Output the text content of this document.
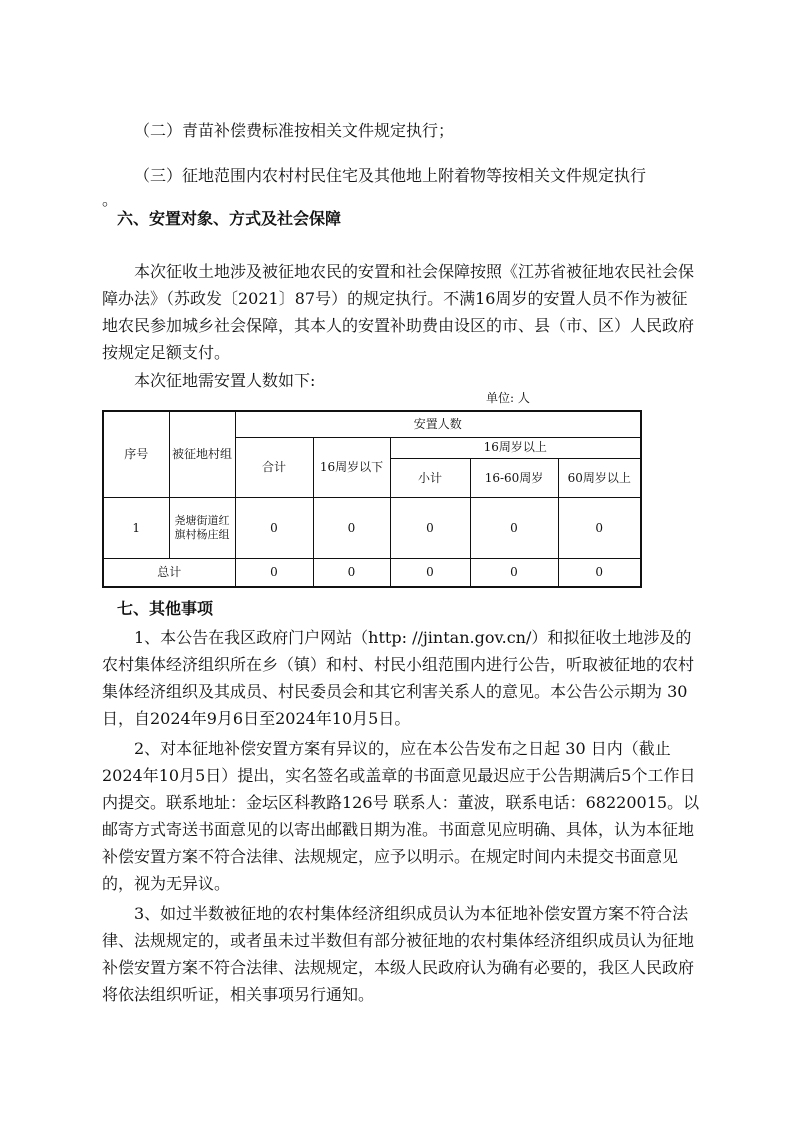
（二）青苗补偿费标准按相关文件规定执行；

（三）征地范围内农村村民住宅及其他地上附着物等按相关文件规定执行

。

六、安置对象、方式及社会保障

本次征收土地涉及被征地农民的安置和社会保障按照《江苏省被征地农民社会保障办法》（苏政发〔2021〕87号）的规定执行。不满16周岁的安置人员不作为被征地农民参加城乡社会保障，其本人的安置补助费由设区的市、县（市、区）人民政府按规定足额支付。

本次征地需安置人数如下:

单位: 人
序号	被征地村组	安置人数				
		合计	16周岁以下	16周岁以上		
				小计	16-60周岁	60周岁以上
1	尧塘街道红旗村杨庄组	0	0	0	0	0
总计		0	0	0	0	0
七、其他事项

1、本公告在我区政府门户网站（http: //jintan.gov.cn/）和拟征收土地涉及的农村集体经济组织所在乡（镇）和村、村民小组范围内进行公告，听取被征地的农村集体经济组织及其成员、村民委员会和其它利害关系人的意见。本公告公示期为 30 日，自2024年9月6日至2024年10月5日。

2、对本征地补偿安置方案有异议的，应在本公告发布之日起 30 日内（截止2024年10月5日）提出，实名签名或盖章的书面意见最迟应于公告期满后5个工作日内提交。联系地址：金坛区科教路126号 联系人：董波，联系电话：68220015。以邮寄方式寄送书面意见的以寄出邮戳日期为准。书面意见应明确、具体，认为本征地补偿安置方案不符合法律、法规规定，应予以明示。在规定时间内未提交书面意见的，视为无异议。

3、如过半数被征地的农村集体经济组织成员认为本征地补偿安置方案不符合法律、法规规定的，或者虽未过半数但有部分被征地的农村集体经济组织成员认为征地补偿安置方案不符合法律、法规规定，本级人民政府认为确有必要的，我区人民政府将依法组织听证，相关事项另行通知。
